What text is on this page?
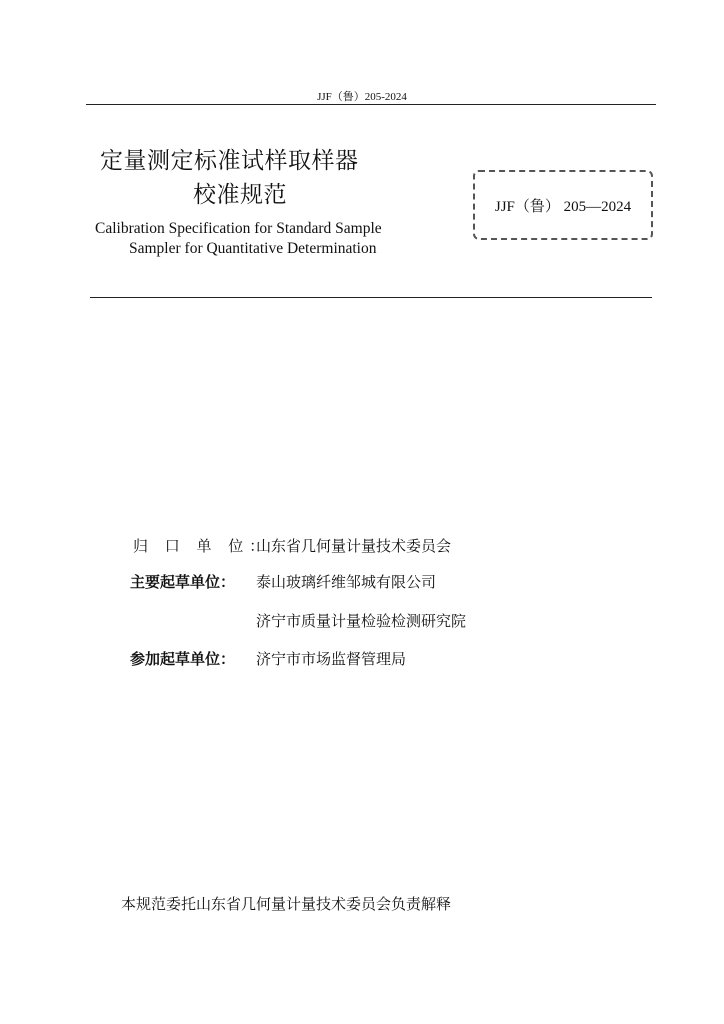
JJF（鲁）205-2024
定量测定标准试样取样器
校准规范
Calibration Specification for Standard Sample
Sampler for Quantitative Determination
JJF（鲁） 205—2024
归 口 单 位：
山东省几何量计量技术委员会
主要起草单位： 泰山玻璃纤维邹城有限公司
济宁市质量计量检验检测研究院
参加起草单位： 济宁市市场监督管理局
本规范委托山东省几何量计量技术委员会负责解释
